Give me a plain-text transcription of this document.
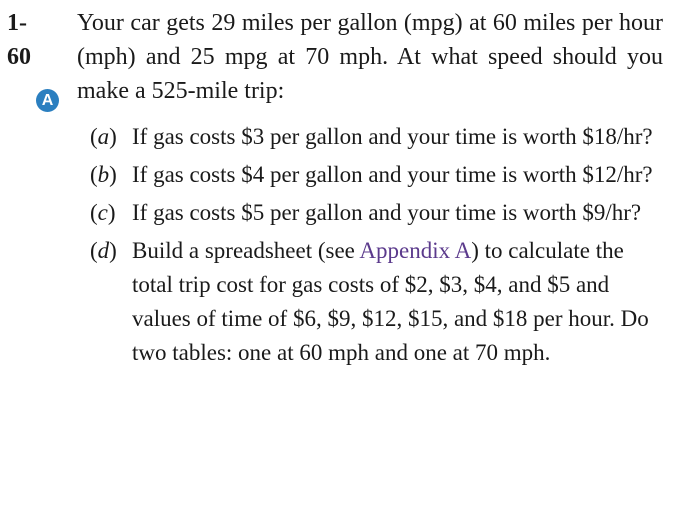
1-
60
A
Your car gets 29 miles per gallon (mpg) at 60 miles per hour (mph) and 25 mpg at 70 mph. At what speed should you make a 525-mile trip:
(a) If gas costs $3 per gallon and your time is worth $18/hr?
(b) If gas costs $4 per gallon and your time is worth $12/hr?
(c) If gas costs $5 per gallon and your time is worth $9/hr?
(d) Build a spreadsheet (see Appendix A) to calculate the total trip cost for gas costs of $2, $3, $4, and $5 and values of time of $6, $9, $12, $15, and $18 per hour. Do two tables: one at 60 mph and one at 70 mph.
